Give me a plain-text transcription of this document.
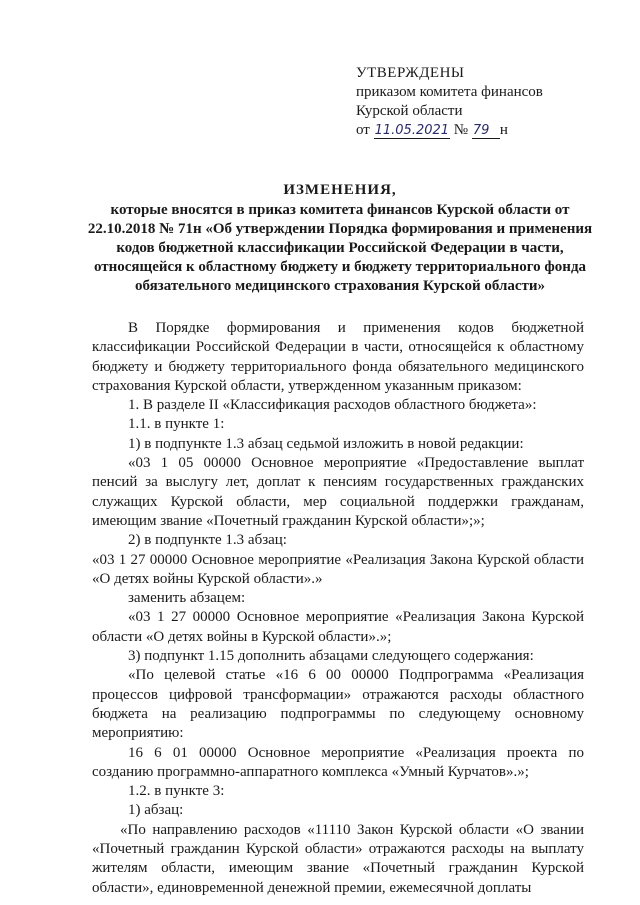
УТВЕРЖДЕНЫ
приказом комитета финансов
Курской области
от 11.05.2021 № 79 н
ИЗМЕНЕНИЯ,
которые вносятся в приказ комитета финансов Курской области от 22.10.2018 № 71н «Об утверждении Порядка формирования и применения кодов бюджетной классификации Российской Федерации в части, относящейся к областному бюджету и бюджету территориального фонда обязательного медицинского страхования Курской области»

В Порядке формирования и применения кодов бюджетной классификации Российской Федерации в части, относящейся к областному бюджету и бюджету территориального фонда обязательного медицинского страхования Курской области, утвержденном указанным приказом:

1. В разделе II «Классификация расходов областного бюджета»:

1.1. в пункте 1:

1) в подпункте 1.3 абзац седьмой изложить в новой редакции:

«03 1 05 00000 Основное мероприятие «Предоставление выплат пенсий за выслугу лет, доплат к пенсиям государственных гражданских служащих Курской области, мер социальной поддержки гражданам, имеющим звание «Почетный гражданин Курской области»;»;

2) в подпункте 1.3 абзац:

«03 1 27 00000 Основное мероприятие «Реализация Закона Курской области «О детях войны Курской области».»

заменить абзацем:

«03 1 27 00000 Основное мероприятие «Реализация Закона Курской области «О детях войны в Курской области».»;

3) подпункт 1.15 дополнить абзацами следующего содержания:

«По целевой статье «16 6 00 00000 Подпрограмма «Реализация процессов цифровой трансформации» отражаются расходы областного бюджета на реализацию подпрограммы по следующему основному мероприятию:

16 6 01 00000 Основное мероприятие «Реализация проекта по созданию программно-аппаратного комплекса «Умный Курчатов».»;

1.2. в пункте 3:

1) абзац:

«По направлению расходов «11110 Закон Курской области «О звании «Почетный гражданин Курской области» отражаются расходы на выплату жителям области, имеющим звание «Почетный гражданин Курской области», единовременной денежной премии, ежемесячной доплаты
